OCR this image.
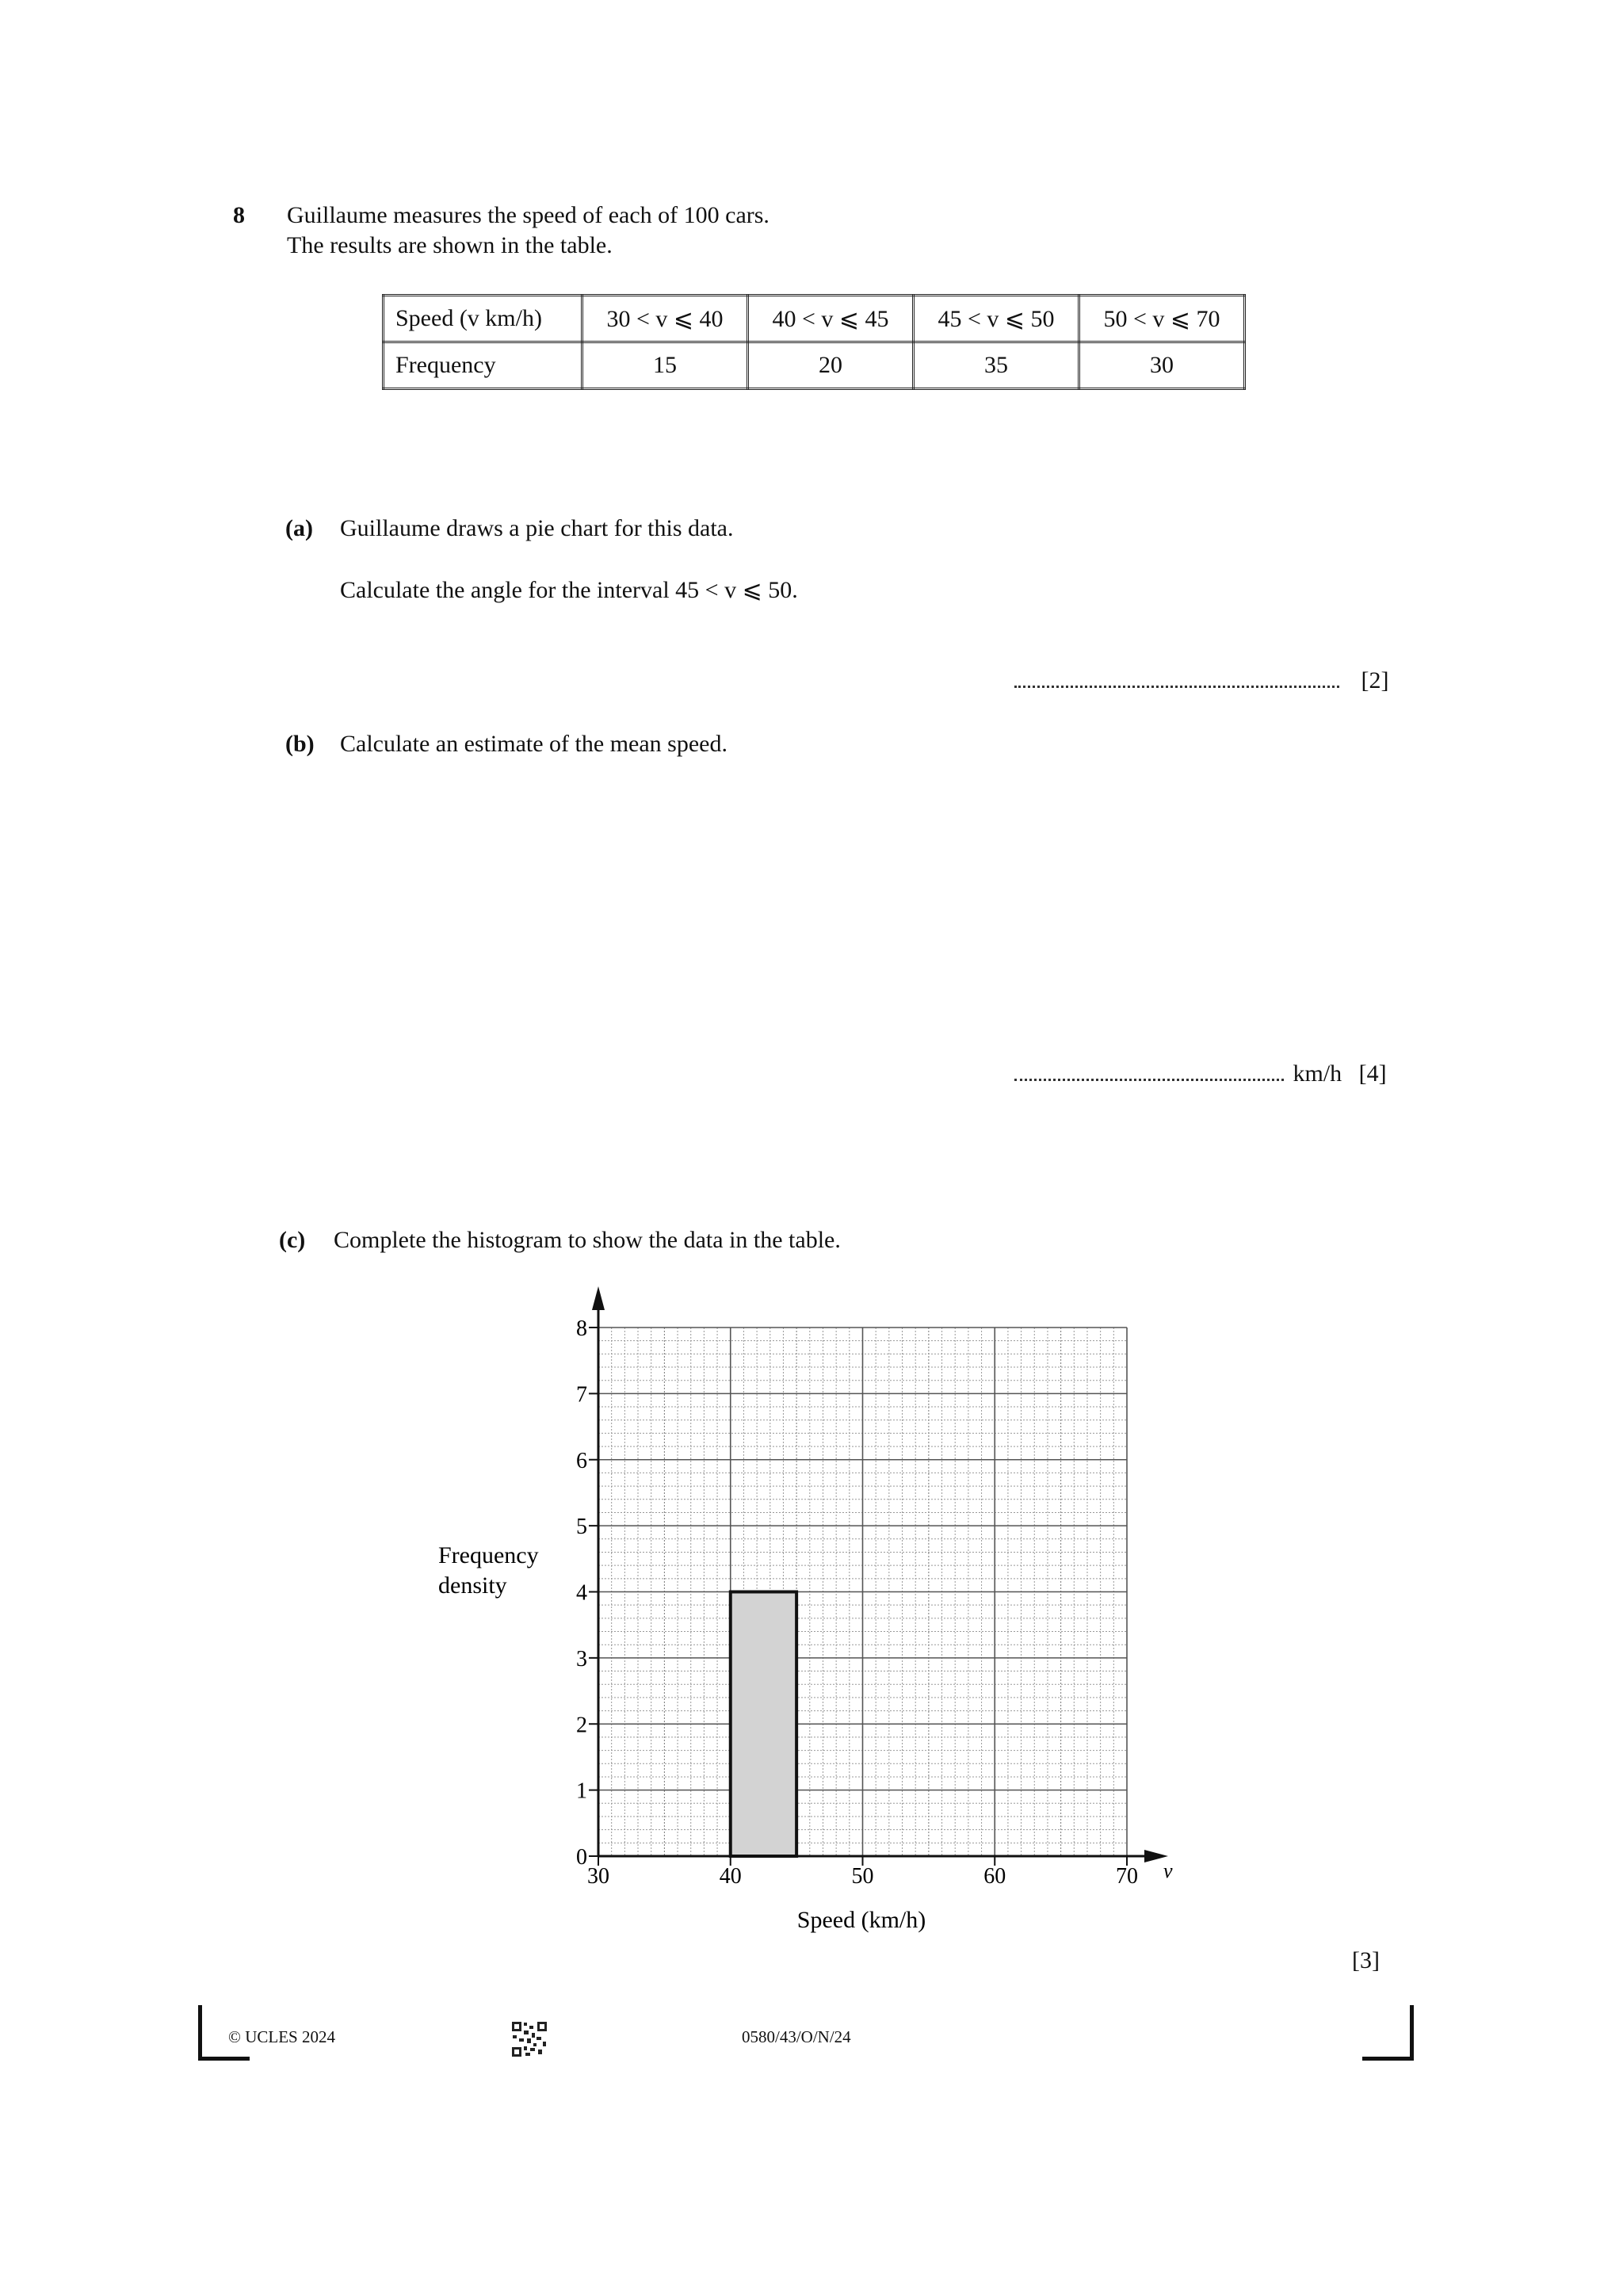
8 Guillaume measures the speed of each of 100 cars.
The results are shown in the table.
Speed (v km/h)	30 < v ⩽ 40	40 < v ⩽ 45	45 < v ⩽ 50	50 < v ⩽ 70
Frequency	15	20	35	30
(a) Guillaume draws a pie chart for this data.
Calculate the angle for the interval 45 < v ⩽ 50.
[2]
(b) Calculate an estimate of the mean speed.
km/h [4]
(c) Complete the histogram to show the data in the table.
0
1
2
3
4
5
6
7
8
30	40	50	60	70
Frequency
density
Speed (km/h)
v
[3]
© UCLES 2024	0580/43/O/N/24
